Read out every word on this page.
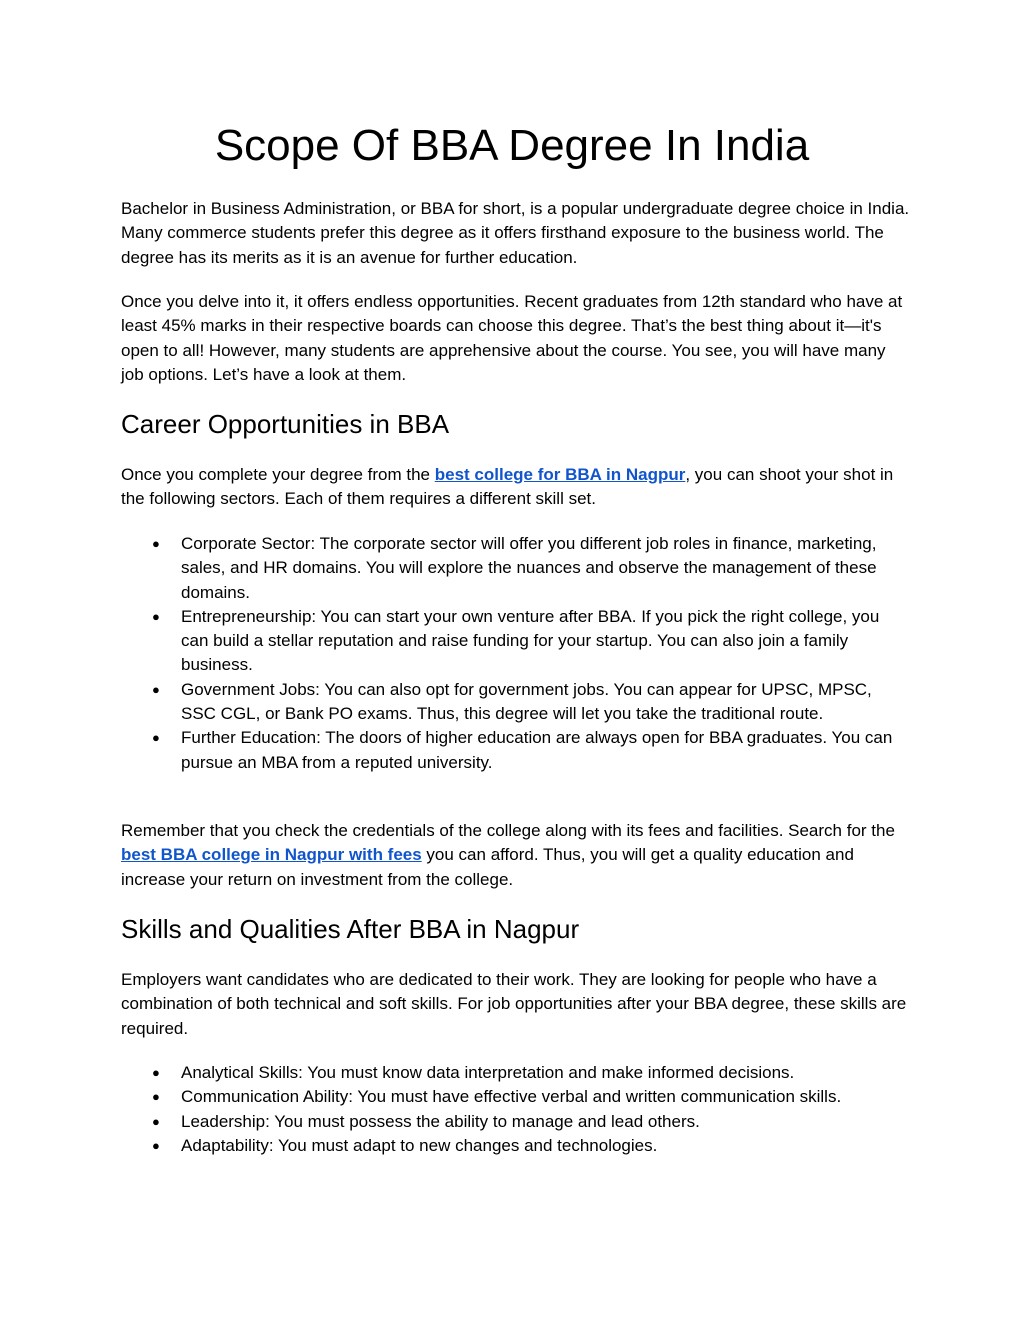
Scope Of BBA Degree In India

Bachelor in Business Administration, or BBA for short, is a popular undergraduate degree choice in India. Many commerce students prefer this degree as it offers firsthand exposure to the business world. The degree has its merits as it is an avenue for further education.

Once you delve into it, it offers endless opportunities. Recent graduates from 12th standard who have at least 45% marks in their respective boards can choose this degree. That’s the best thing about it—it's open to all! However, many students are apprehensive about the course. You see, you will have many job options. Let’s have a look at them.

Career Opportunities in BBA

Once you complete your degree from the best college for BBA in Nagpur, you can shoot your shot in the following sectors. Each of them requires a different skill set.

● Corporate Sector: The corporate sector will offer you different job roles in finance, marketing, sales, and HR domains. You will explore the nuances and observe the management of these domains.
● Entrepreneurship: You can start your own venture after BBA. If you pick the right college, you can build a stellar reputation and raise funding for your startup. You can also join a family business.
● Government Jobs: You can also opt for government jobs. You can appear for UPSC, MPSC, SSC CGL, or Bank PO exams. Thus, this degree will let you take the traditional route.
● Further Education: The doors of higher education are always open for BBA graduates. You can pursue an MBA from a reputed university.

Remember that you check the credentials of the college along with its fees and facilities. Search for the best BBA college in Nagpur with fees you can afford. Thus, you will get a quality education and increase your return on investment from the college.

Skills and Qualities After BBA in Nagpur

Employers want candidates who are dedicated to their work. They are looking for people who have a combination of both technical and soft skills. For job opportunities after your BBA degree, these skills are required.

● Analytical Skills: You must know data interpretation and make informed decisions.
● Communication Ability: You must have effective verbal and written communication skills.
● Leadership: You must possess the ability to manage and lead others.
● Adaptability: You must adapt to new changes and technologies.
